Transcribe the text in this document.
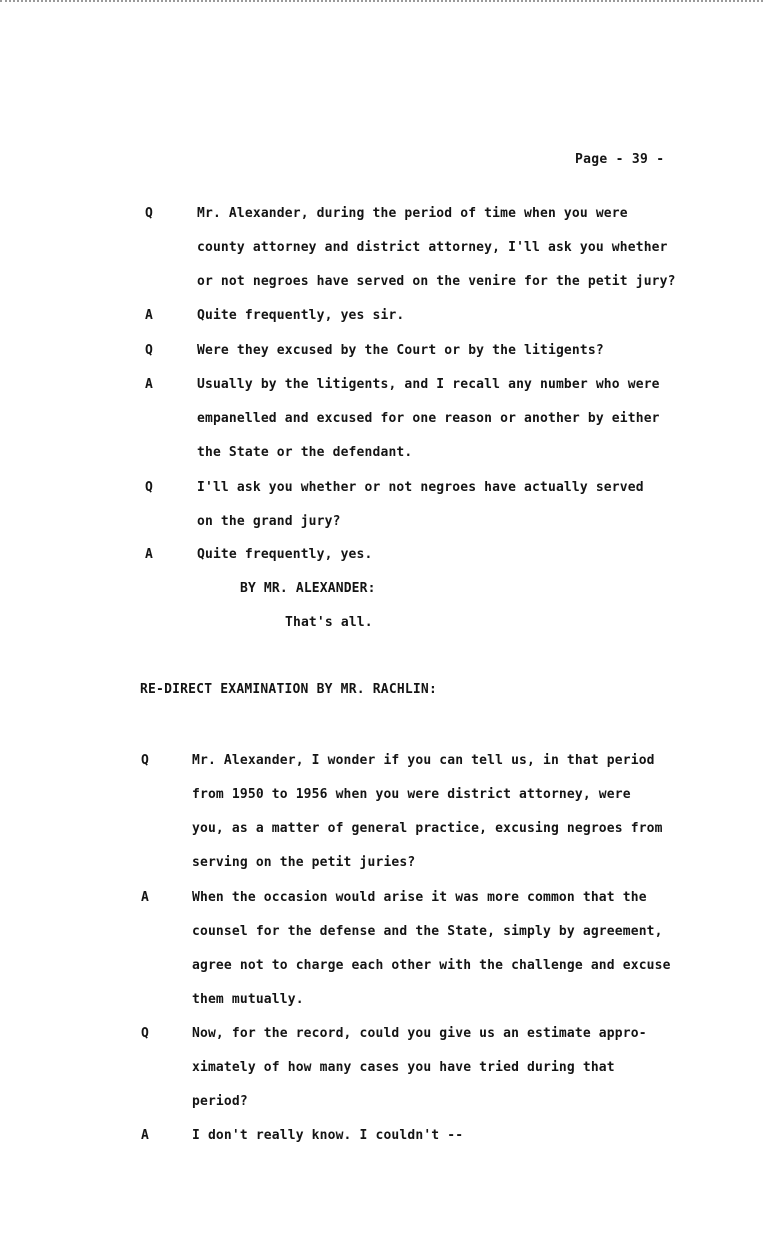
Page - 39 -
Q	Mr. Alexander, during the period of time when you were
county attorney and district attorney, I'll ask you whether
or not negroes have served on the venire for the petit jury?
A	Quite frequently, yes sir.
Q	Were they excused by the Court or by the litigents?
A	Usually by the litigents, and I recall any number who were
empanelled and excused for one reason or another by either
the State or the defendant.
Q	I'll ask you whether or not negroes have actually served
on the grand jury?
A	Quite frequently, yes.
BY MR. ALEXANDER:
That's all.
RE-DIRECT EXAMINATION BY MR. RACHLIN:
Q	Mr. Alexander, I wonder if you can tell us, in that period
from 1950 to 1956 when you were district attorney, were
you, as a matter of general practice, excusing negroes from
serving on the petit juries?
A	When the occasion would arise it was more common that the
counsel for the defense and the State, simply by agreement,
agree not to charge each other with the challenge and excuse
them mutually.
Q	Now, for the record, could you give us an estimate appro-
ximately of how many cases you have tried during that
period?
A	I don't really know. I couldn't --
